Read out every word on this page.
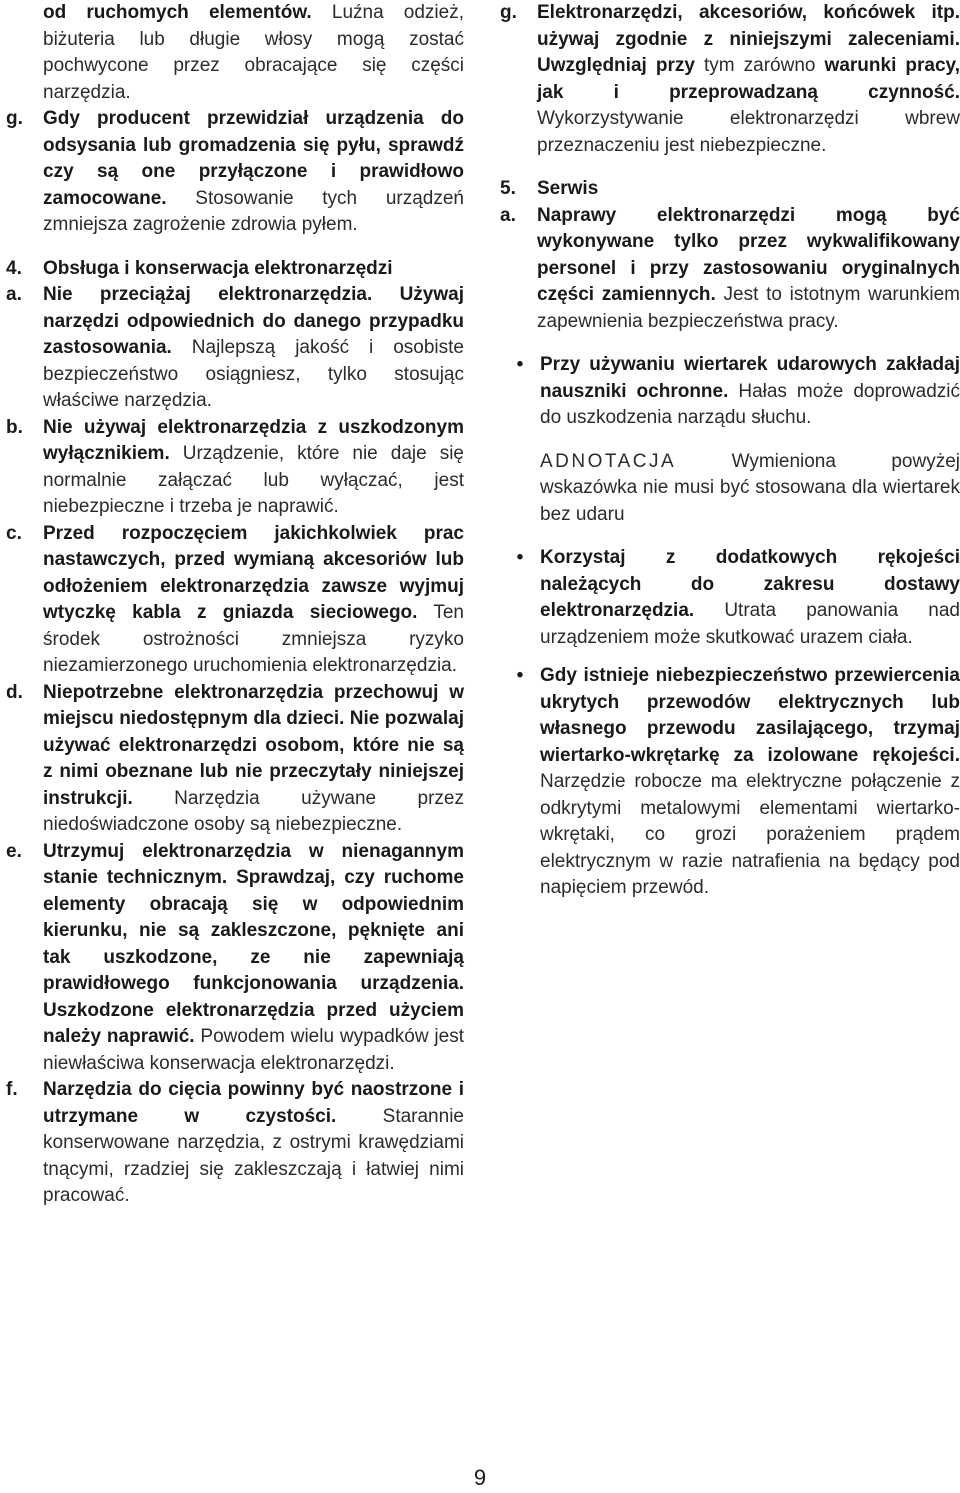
od ruchomych elementów. Luźna odzież, biżuteria lub długie włosy mogą zostać pochwycone przez obracające się części narzędzia.
g.	Gdy producent przewidział urządzenia do odsysania lub gromadzenia się pyłu, sprawdź czy są one przyłączone i prawidłowo zamocowane. Stosowanie tych urządzeń zmniejsza zagrożenie zdrowia pyłem.
4.	Obsługa i konserwacja elektronarzędzi
a.	Nie przeciążaj elektronarzędzia. Używaj narzędzi odpowiednich do danego przypadku zastosowania. Najlepszą jakość i osobiste bezpieczeństwo osiągniesz, tylko stosując właściwe narzędzia.
b.	Nie używaj elektronarzędzia z uszkodzonym wyłącznikiem. Urządzenie, które nie daje się normalnie załączać lub wyłączać, jest niebezpieczne i trzeba je naprawić.
c.	Przed rozpoczęciem jakichkolwiek prac nastawczych, przed wymianą akcesoriów lub odłożeniem elektronarzędzia zawsze wyjmuj wtyczkę kabla z gniazda sieciowego. Ten środek ostrożności zmniejsza ryzyko niezamierzonego uruchomienia elektronarzędzia.
d.	Niepotrzebne elektronarzędzia przechowuj w miejscu niedostępnym dla dzieci. Nie pozwalaj używać elektronarzędzi osobom, które nie są z nimi obeznane lub nie przeczytały niniejszej instrukcji. Narzędzia używane przez niedoświadczone osoby są niebezpieczne.
e.	Utrzymuj elektronarzędzia w nienagannym stanie technicznym. Sprawdzaj, czy ruchome elementy obracają się w odpowiednim kierunku, nie są zakleszczone, pęknięte ani tak uszkodzone, ze nie zapewniają prawidłowego funkcjonowania urządzenia. Uszkodzone elektronarzędzia przed użyciem należy naprawić. Powodem wielu wypadków jest niewłaściwa konserwacja elektronarzędzi.
f.	Narzędzia do cięcia powinny być naostrzone i utrzymane w czystości. Starannie konserwowane narzędzia, z ostrymi krawędziami tnącymi, rzadziej się zakleszczają i łatwiej nimi pracować.
g.	Elektronarzędzi, akcesoriów, końcówek itp. używaj zgodnie z niniejszymi zaleceniami. Uwzględniaj przy tym zarówno warunki pracy, jak i przeprowadzaną czynność. Wykorzystywanie elektronarzędzi wbrew przeznaczeniu jest niebezpieczne.
5.	Serwis
a.	Naprawy elektronarzędzi mogą być wykonywane tylko przez wykwalifikowany personel i przy zastosowaniu oryginalnych części zamiennych. Jest to istotnym warunkiem zapewnienia bezpieczeństwa pracy.
• Przy używaniu wiertarek udarowych zakładaj nauszniki ochronne. Hałas może doprowadzić do uszkodzenia narządu słuchu.
ADNOTACJA Wymieniona powyżej wskazówka nie musi być stosowana dla wiertarek bez udaru
• Korzystaj z dodatkowych rękojeści należących do zakresu dostawy elektronarzędzia. Utrata panowania nad urządzeniem może skutkować urazem ciała.
• Gdy istnieje niebezpieczeństwo przewiercenia ukrytych przewodów elektrycznych lub własnego przewodu zasilającego, trzymaj wiertarko-wkrętarkę za izolowane rękojeści. Narzędzie robocze ma elektryczne połączenie z odkrytymi metalowymi elementami wiertarko-wkrętaki, co grozi porażeniem prądem elektrycznym w razie natrafienia na będący pod napięciem przewód.
9
